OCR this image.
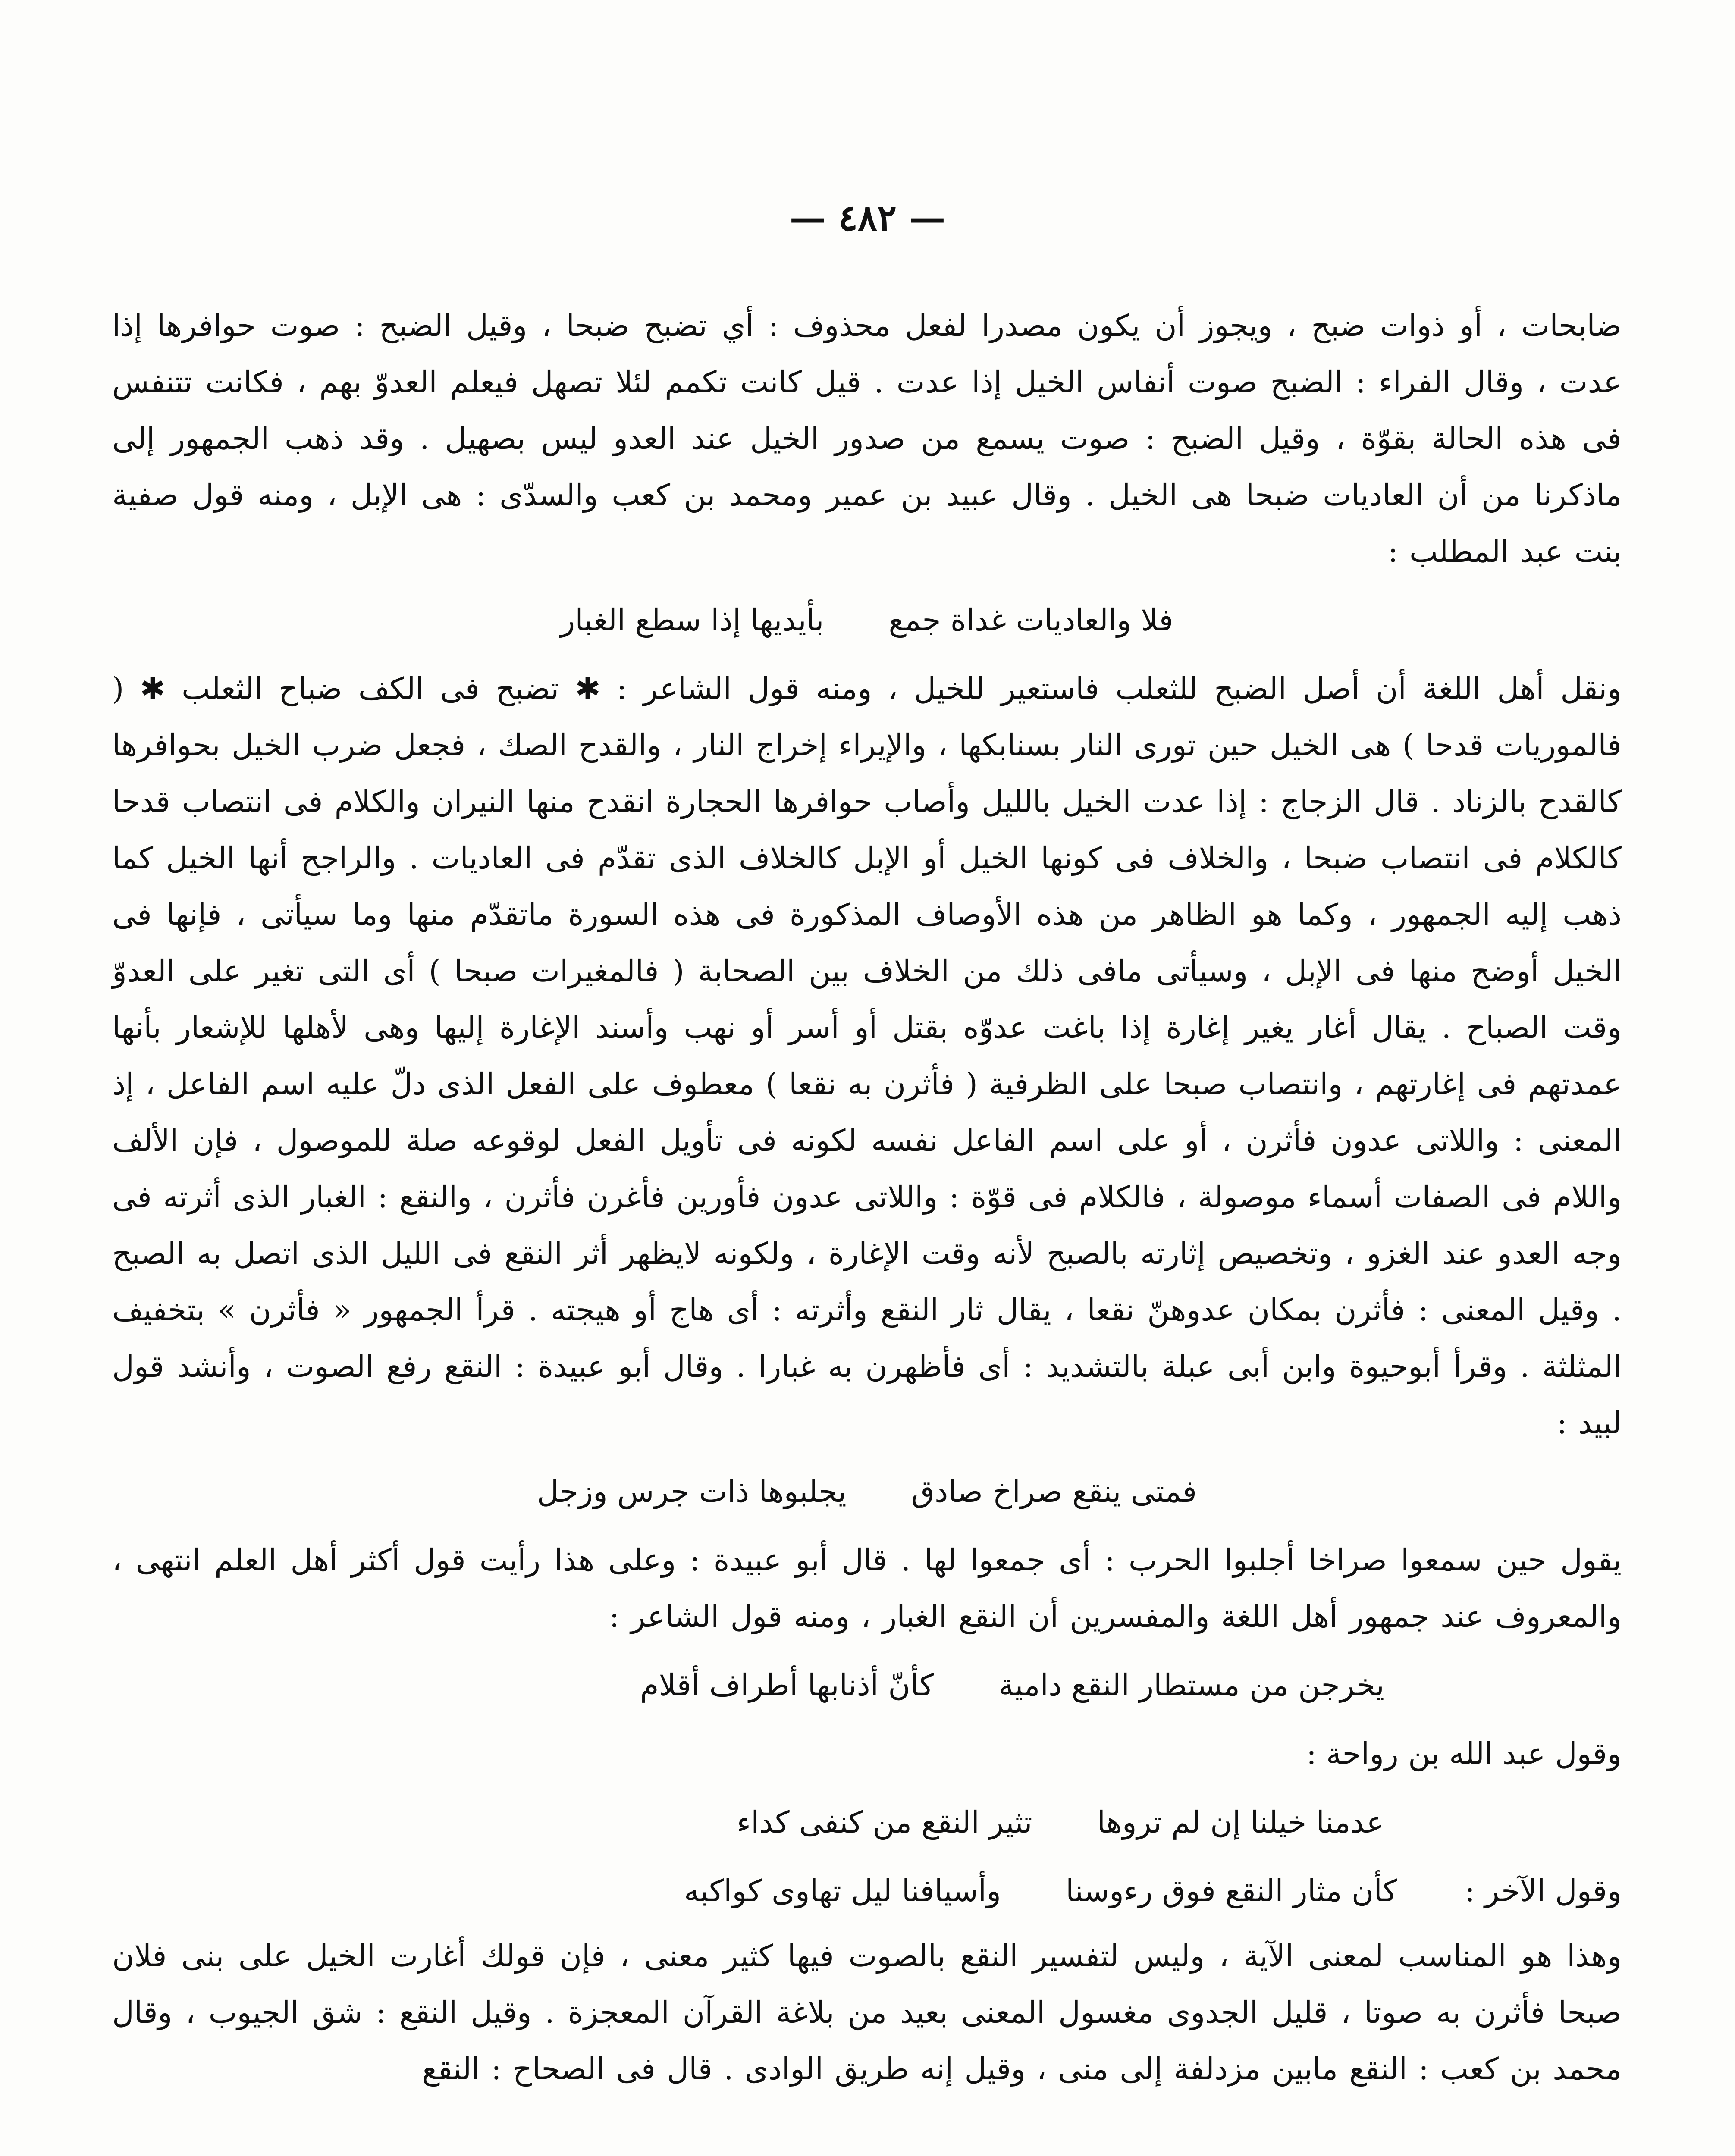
— ٤٨٢ —

ضابحات ، أو ذوات ضبح ، ويجوز أن يكون مصدرا لفعل محذوف : أي تضبح ضبحا ، وقيل الضبح : صوت حوافرها إذا عدت ، وقال الفراء : الضبح صوت أنفاس الخيل إذا عدت . قيل كانت تكمم لئلا تصهل فيعلم العدوّ بهم ، فكانت تتنفس فى هذه الحالة بقوّة ، وقيل الضبح : صوت يسمع من صدور الخيل عند العدو ليس بصهيل . وقد ذهب الجمهور إلى ماذكرنا من أن العاديات ضبحا هى الخيل . وقال عبيد بن عمير ومحمد بن كعب والسدّى : هى الإبل ، ومنه قول صفية بنت عبد المطلب :

فلا والعاديات غداة جمع
بأيديها إذا سطع الغبار

ونقل أهل اللغة أن أصل الضبح للثعلب فاستعير للخيل ، ومنه قول الشاعر : ✱ تضبح فى الكف ضباح الثعلب ✱ ( فالموريات قدحا ) هى الخيل حين تورى النار بسنابكها ، والإيراء إخراج النار ، والقدح الصك ، فجعل ضرب الخيل بحوافرها كالقدح بالزناد . قال الزجاج : إذا عدت الخيل بالليل وأصاب حوافرها الحجارة انقدح منها النيران والكلام فى انتصاب قدحا كالكلام فى انتصاب ضبحا ، والخلاف فى كونها الخيل أو الإبل كالخلاف الذى تقدّم فى العاديات . والراجح أنها الخيل كما ذهب إليه الجمهور ، وكما هو الظاهر من هذه الأوصاف المذكورة فى هذه السورة ماتقدّم منها وما سيأتى ، فإنها فى الخيل أوضح منها فى الإبل ، وسيأتى مافى ذلك من الخلاف بين الصحابة ( فالمغيرات صبحا ) أى التى تغير على العدوّ وقت الصباح . يقال أغار يغير إغارة إذا باغت عدوّه بقتل أو أسر أو نهب وأسند الإغارة إليها وهى لأهلها للإشعار بأنها عمدتهم فى إغارتهم ، وانتصاب صبحا على الظرفية ( فأثرن به نقعا ) معطوف على الفعل الذى دلّ عليه اسم الفاعل ، إذ المعنى : واللاتى عدون فأثرن ، أو على اسم الفاعل نفسه لكونه فى تأويل الفعل لوقوعه صلة للموصول ، فإن الألف واللام فى الصفات أسماء موصولة ، فالكلام فى قوّة : واللاتى عدون فأورين فأغرن فأثرن ، والنقع : الغبار الذى أثرته فى وجه العدو عند الغزو ، وتخصيص إثارته بالصبح لأنه وقت الإغارة ، ولكونه لايظهر أثر النقع فى الليل الذى اتصل به الصبح . وقيل المعنى : فأثرن بمكان عدوهنّ نقعا ، يقال ثار النقع وأثرته : أى هاج أو هيجته . قرأ الجمهور « فأثرن » بتخفيف المثلثة . وقرأ أبوحيوة وابن أبى عبلة بالتشديد : أى فأظهرن به غبارا . وقال أبو عبيدة : النقع رفع الصوت ، وأنشد قول لبيد :

فمتى ينقع صراخ صادق
يجلبوها ذات جرس وزجل

يقول حين سمعوا صراخا أجلبوا الحرب : أى جمعوا لها . قال أبو عبيدة : وعلى هذا رأيت قول أكثر أهل العلم انتهى ، والمعروف عند جمهور أهل اللغة والمفسرين أن النقع الغبار ، ومنه قول الشاعر :

يخرجن من مستطار النقع دامية
كأنّ أذنابها أطراف أقلام
وقول عبد الله بن رواحة :
عدمنا خيلنا إن لم تروها
تثير النقع من كنفى كداء
وقول الآخر :
كأن مثار النقع فوق رءوسنا
وأسيافنا ليل تهاوى كواكبه

وهذا هو المناسب لمعنى الآية ، وليس لتفسير النقع بالصوت فيها كثير معنى ، فإن قولك أغارت الخيل على بنى فلان صبحا فأثرن به صوتا ، قليل الجدوى مغسول المعنى بعيد من بلاغة القرآن المعجزة . وقيل النقع : شق الجيوب ، وقال محمد بن كعب : النقع مابين مزدلفة إلى منى ، وقيل إنه طريق الوادى . قال فى الصحاح : النقع
